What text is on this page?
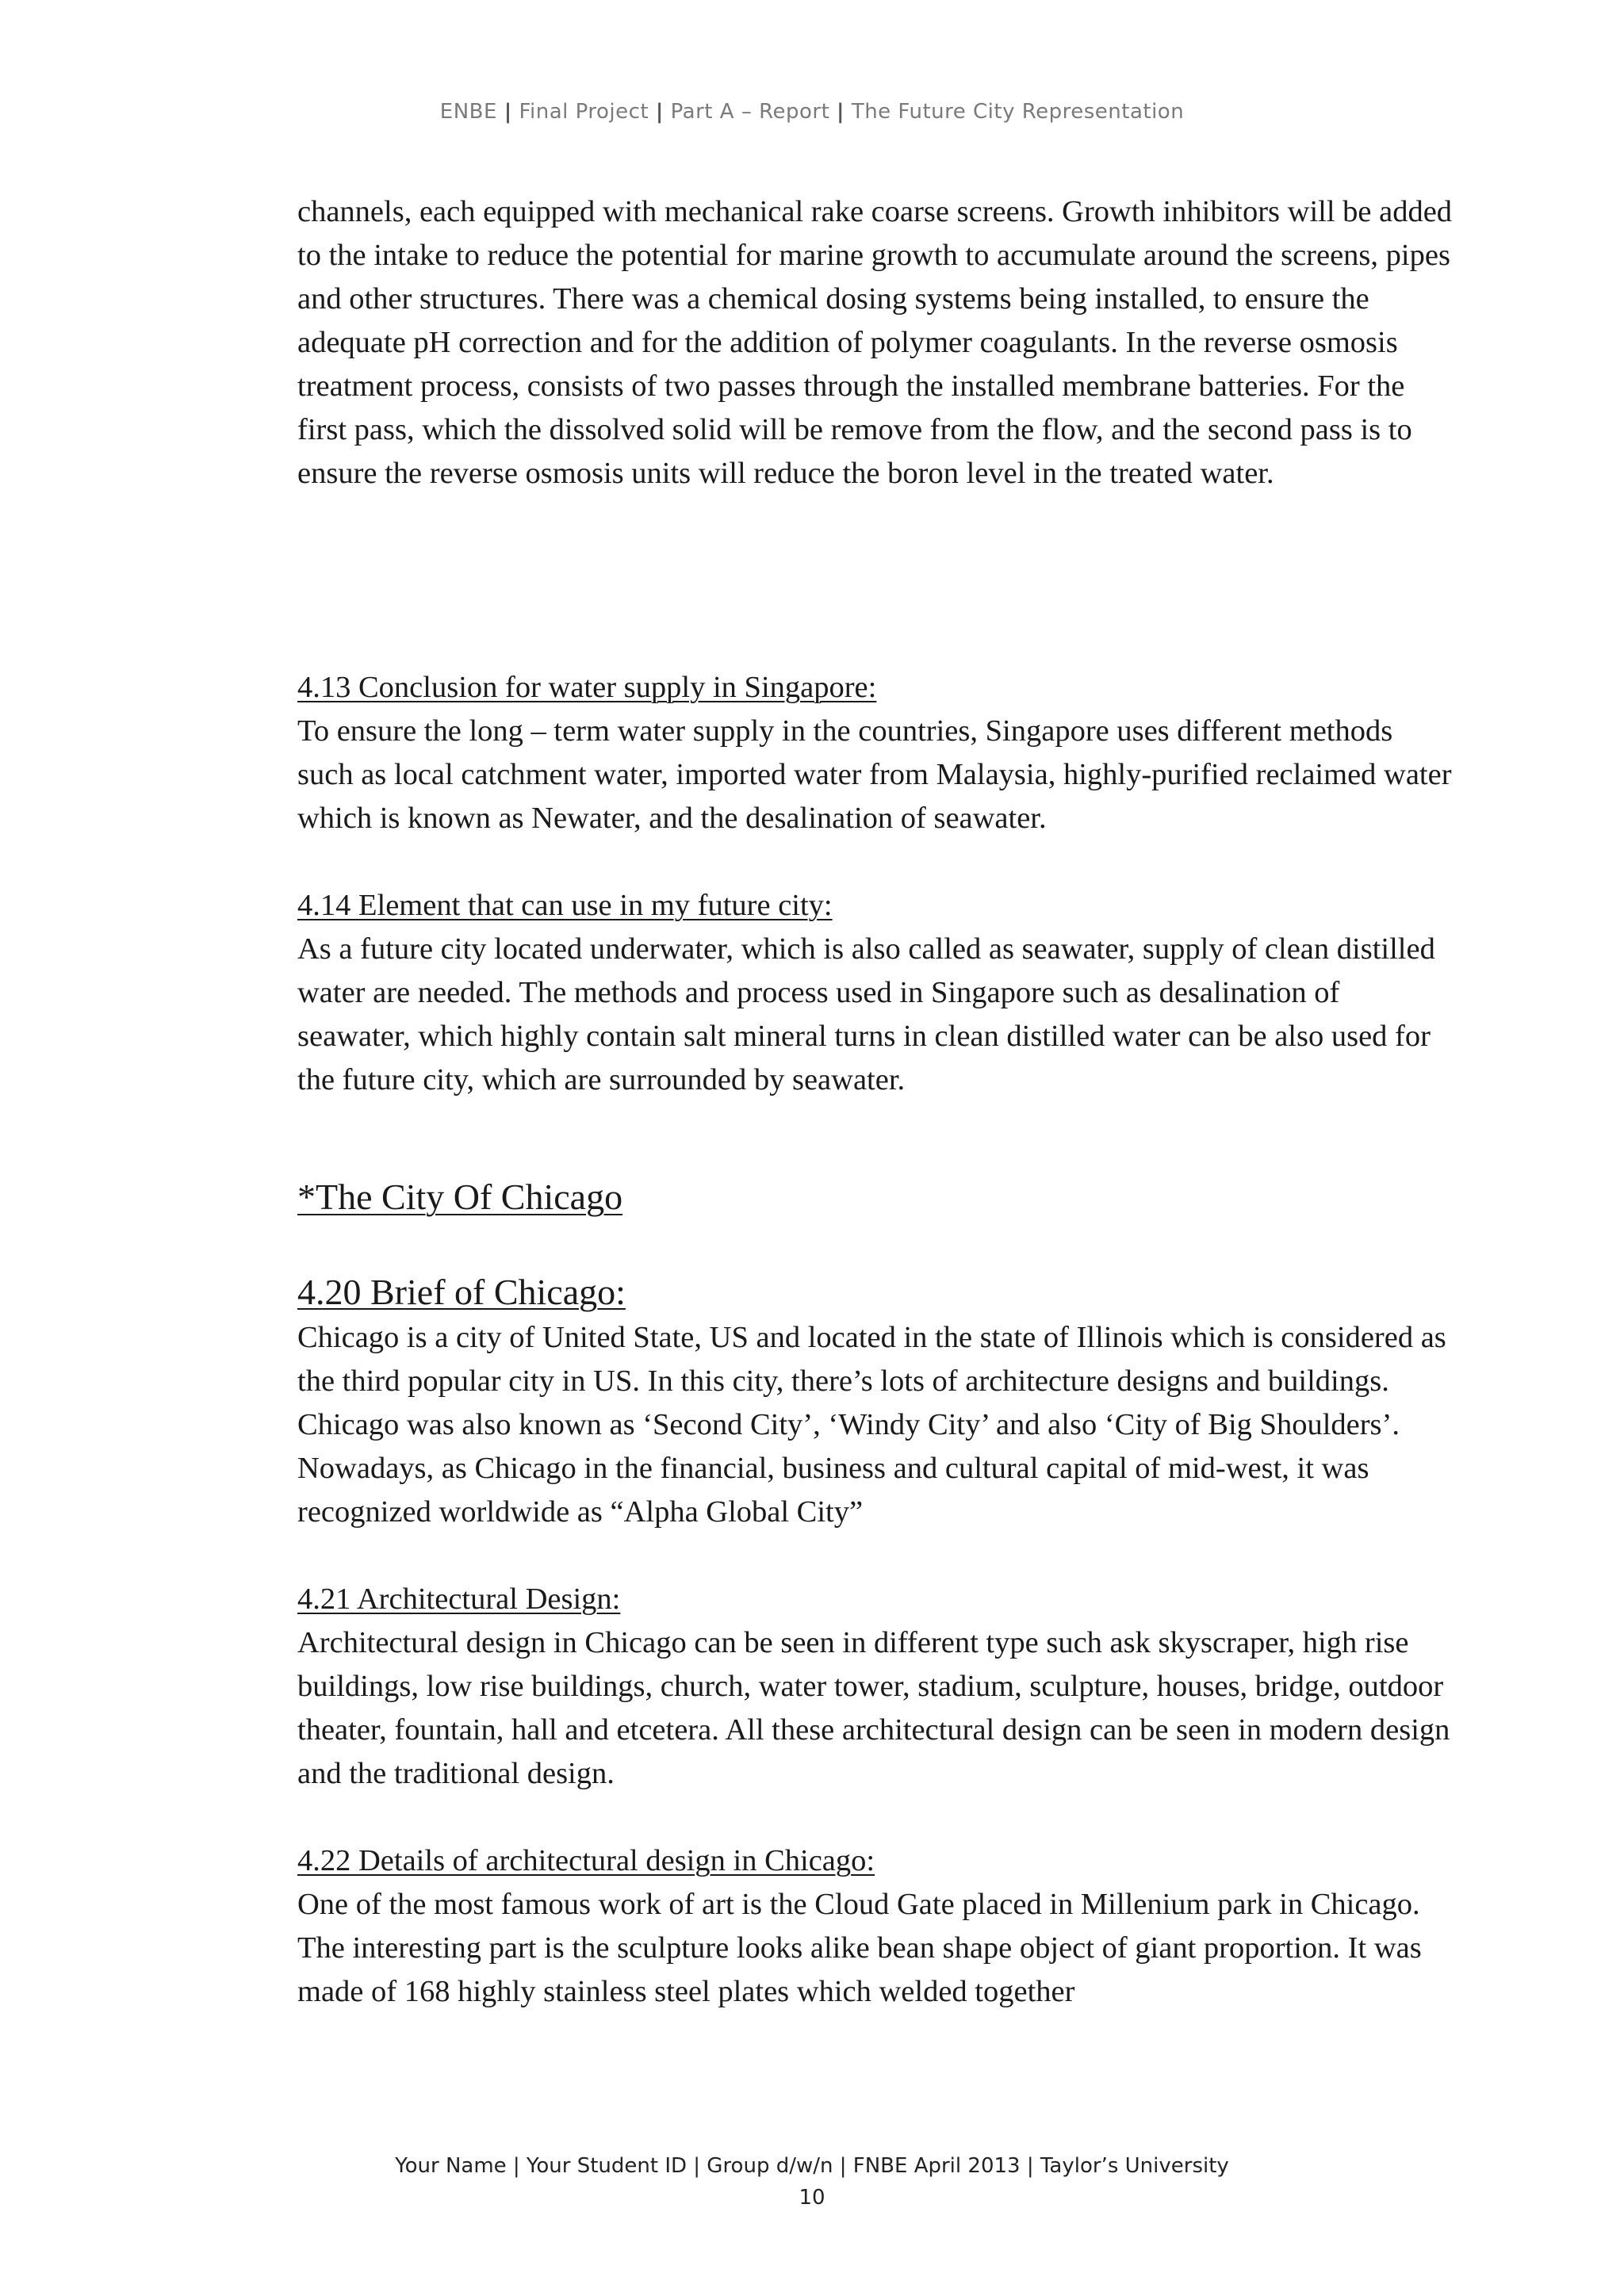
ENBE | Final Project | Part A – Report | The Future City Representation

channels, each equipped with mechanical rake coarse screens. Growth inhibitors will be added to the intake to reduce the potential for marine growth to accumulate around the screens, pipes and other structures. There was a chemical dosing systems being installed, to ensure the adequate pH correction and for the addition of polymer coagulants. In the reverse osmosis treatment process, consists of two passes through the installed membrane batteries. For the first pass, which the dissolved solid will be remove from the flow, and the second pass is to ensure the reverse osmosis units will reduce the boron level in the treated water.

4.13 Conclusion for water supply in Singapore:

To ensure the long – term water supply in the countries, Singapore uses different methods such as local catchment water, imported water from Malaysia, highly-purified reclaimed water which is known as Newater, and the desalination of seawater.

4.14 Element that can use in my future city:

As a future city located underwater, which is also called as seawater, supply of clean distilled water are needed. The methods and process used in Singapore such as desalination of seawater, which highly contain salt mineral turns in clean distilled water can be also used for the future city, which are surrounded by seawater.

*The City Of Chicago

4.20 Brief of Chicago:

Chicago is a city of United State, US and located in the state of Illinois which is considered as the third popular city in US. In this city, there’s lots of architecture designs and buildings. Chicago was also known as ‘Second City’, ‘Windy City’ and also ‘City of Big Shoulders’. Nowadays, as Chicago in the financial, business and cultural capital of mid-west, it was recognized worldwide as “Alpha Global City”

4.21 Architectural Design:

Architectural design in Chicago can be seen in different type such ask skyscraper, high rise buildings, low rise buildings, church, water tower, stadium, sculpture, houses, bridge, outdoor theater, fountain, hall and etcetera. All these architectural design can be seen in modern design and the traditional design.

4.22 Details of architectural design in Chicago:

One of the most famous work of art is the Cloud Gate placed in Millenium park in Chicago. The interesting part is the sculpture looks alike bean shape object of giant proportion. It was made of 168 highly stainless steel plates which welded together

Your Name | Your Student ID | Group d/w/n | FNBE April 2013 | Taylor’s University
10
